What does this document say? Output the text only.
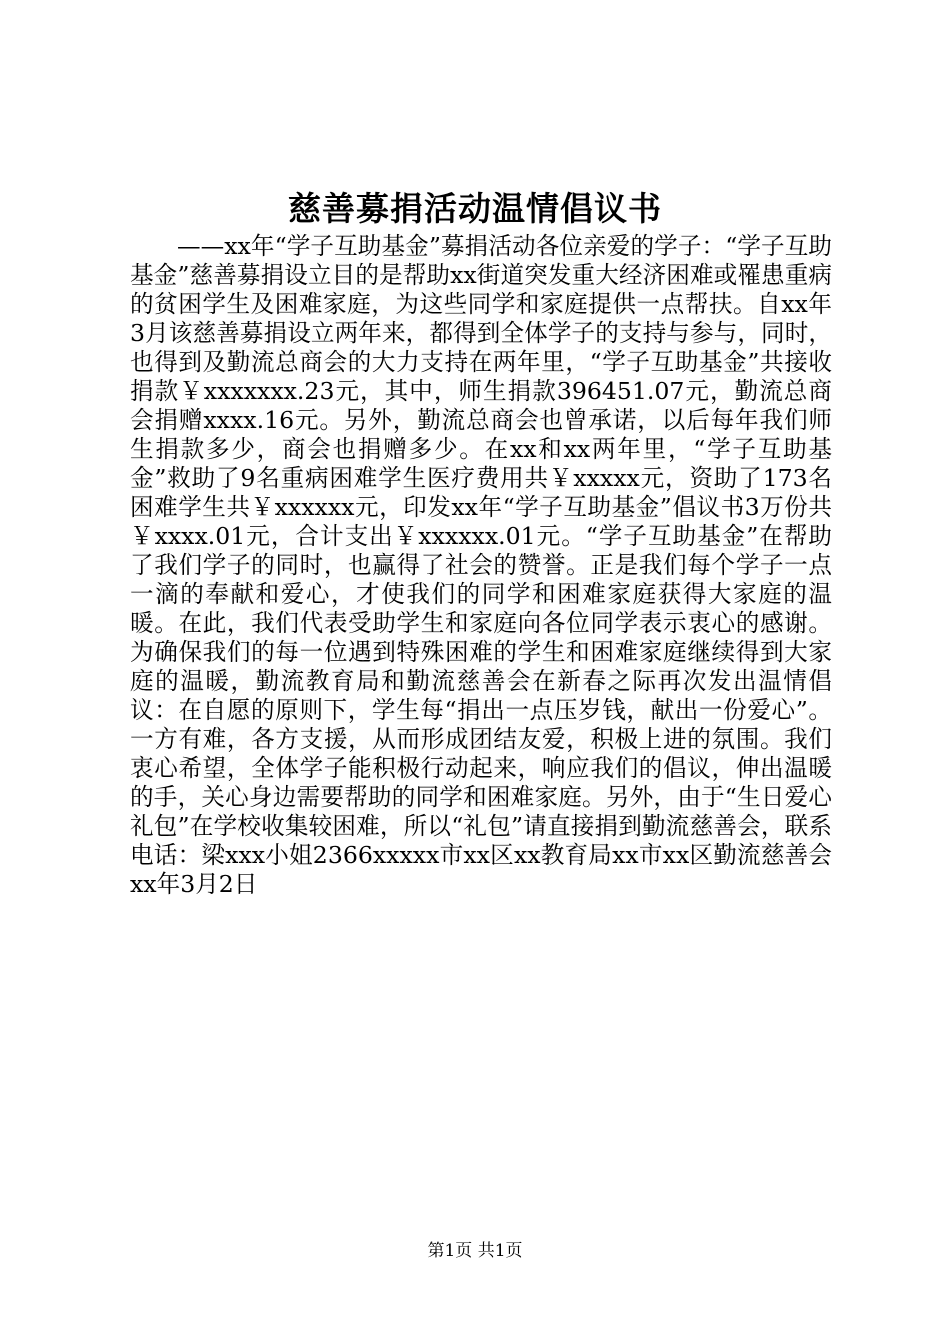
慈善募捐活动温情倡议书

——xx年“学子互助基金”募捐活动各位亲爱的学子：“学子互助基金”慈善募捐设立目的是帮助xx街道突发重大经济困难或罹患重病的贫困学生及困难家庭，为这些同学和家庭提供一点帮扶。自xx年3月该慈善募捐设立两年来，都得到全体学子的支持与参与，同时，也得到及勤流总商会的大力支持在两年里，“学子互助基金”共接收捐款￥xxxxxxx.23元，其中，师生捐款396451.07元，勤流总商会捐赠xxxx.16元。另外，勤流总商会也曾承诺，以后每年我们师生捐款多少，商会也捐赠多少。在xx和xx两年里，“学子互助基金”救助了9名重病困难学生医疗费用共￥xxxxx元，资助了173名困难学生共￥xxxxxx元，印发xx年“学子互助基金”倡议书3万份共￥xxxx.01元，合计支出￥xxxxxx.01元。“学子互助基金”在帮助了我们学子的同时，也赢得了社会的赞誉。正是我们每个学子一点一滴的奉献和爱心，才使我们的同学和困难家庭获得大家庭的温暖。在此，我们代表受助学生和家庭向各位同学表示衷心的感谢。为确保我们的每一位遇到特殊困难的学生和困难家庭继续得到大家庭的温暖，勤流教育局和勤流慈善会在新春之际再次发出温情倡议：在自愿的原则下，学生每“捐出一点压岁钱，献出一份爱心”。一方有难，各方支援，从而形成团结友爱，积极上进的氛围。我们衷心希望，全体学子能积极行动起来，响应我们的倡议，伸出温暖的手，关心身边需要帮助的同学和困难家庭。另外，由于“生日爱心礼包”在学校收集较困难，所以“礼包”请直接捐到勤流慈善会，联系电话：梁xxx小姐2366xxxxx市xx区xx教育局xx市xx区勤流慈善会xx年3月2日

第1页 共1页
